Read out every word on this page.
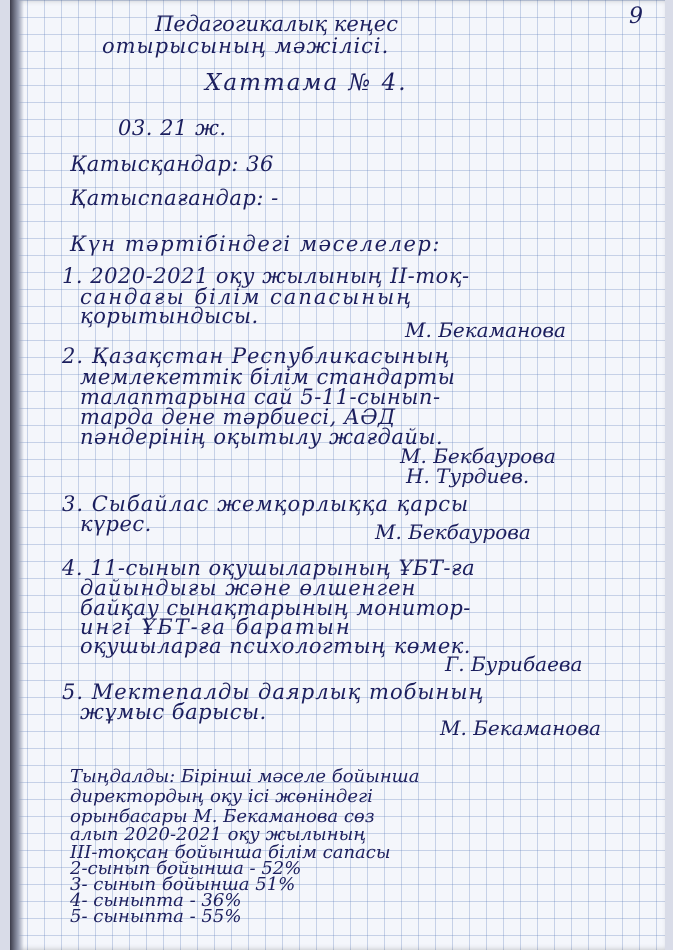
9
Педагогикалық кеңес
отырысының мәжілісі.
Хаттама № 4.
03. 21 ж.
Қатысқандар: 36
Қатыспағандар: -
Күн тәртібіндегі мәселелер:
1. 2020-2021 оқу жылының ІІ-тоқ-
сандағы білім сапасының
қорытындысы.
М. Бекаманова
2. Қазақстан Республикасының
мемлекеттік білім стандарты
талаптарына сай 5-11-сынып-
тарда дене тәрбиесі, АӘД
пәндерінің оқытылу жағдайы.
М. Бекбаурова
Н. Турдиев.
3. Сыбайлас жемқорлыққа қарсы
күрес.	М. Бекбаурова
4. 11-сынып оқушыларының ҰБТ-ға
дайындығы және өлшенген
байқау сынақтарының монитор-
ингі ҰБТ-ға баратын
оқушыларға психологтың көмек.
Г. Бурибаева
5. Мектепалды даярлық тобының
жұмыс барысы.
М. Бекаманова
Тыңдалды: Бірінші мәселе бойынша
директордың оқу ісі жөніндегі
орынбасары М. Бекаманова сөз
алып 2020-2021 оқу жылының
ІІІ-тоқсан бойынша білім сапасы
2-сынып бойынша - 52%
3- сынып бойынша 51%
4- сыныпта - 36%
5- сыныпта - 55%
